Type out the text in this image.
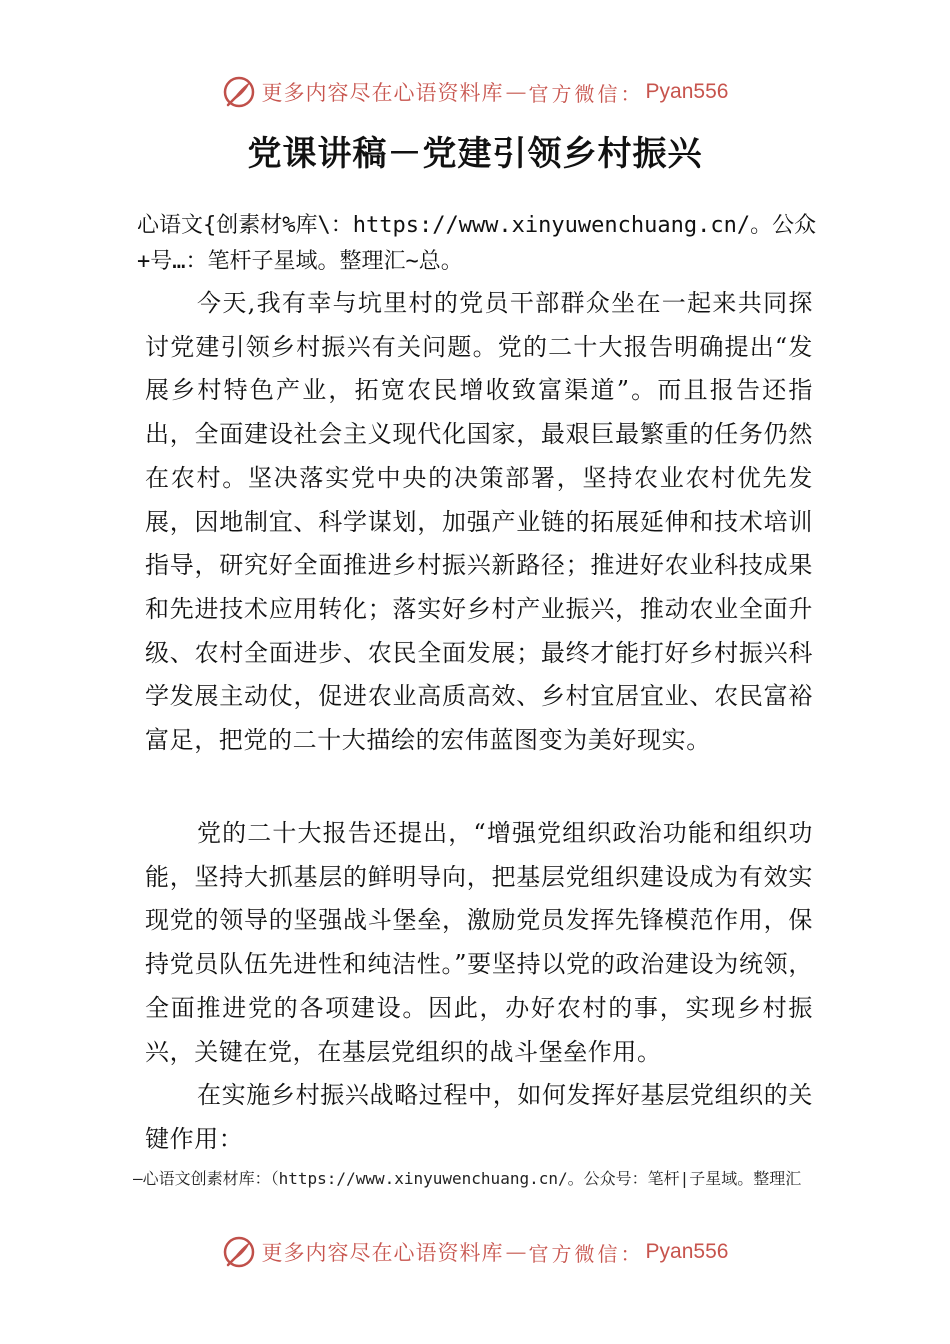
更多内容尽在心语资料库 — 官方微信： Pyan556
党课讲稿－党建引领乡村振兴
心语文{创素材%库\：https://www.xinyuwenchuang.cn/。公众+号…：笔杆子星域。整理汇~总。

今天,我有幸与坑里村的党员干部群众坐在一起来共同探讨党建引领乡村振兴有关问题。党的二十大报告明确提出“发展乡村特色产业，拓宽农民增收致富渠道”。而且报告还指出，全面建设社会主义现代化国家，最艰巨最繁重的任务仍然在农村。坚决落实党中央的决策部署，坚持农业农村优先发展，因地制宜、科学谋划，加强产业链的拓展延伸和技术培训指导，研究好全面推进乡村振兴新路径；推进好农业科技成果和先进技术应用转化；落实好乡村产业振兴，推动农业全面升级、农村全面进步、农民全面发展；最终才能打好乡村振兴科学发展主动仗，促进农业高质高效、乡村宜居宜业、农民富裕富足，把党的二十大描绘的宏伟蓝图变为美好现实。

党的二十大报告还提出，“增强党组织政治功能和组织功能，坚持大抓基层的鲜明导向，把基层党组织建设成为有效实现党的领导的坚强战斗堡垒，激励党员发挥先锋模范作用，保持党员队伍先进性和纯洁性。”要坚持以党的政治建设为统领，全面推进党的各项建设。因此，办好农村的事，实现乡村振兴，关键在党，在基层党组织的战斗堡垒作用。

在实施乡村振兴战略过程中，如何发挥好基层党组织的关键作用：

—心语文创素材库：（https://www.xinyuwenchuang.cn/。公众号：笔杆|子星域。整理汇
更多内容尽在心语资料库 — 官方微信： Pyan556
